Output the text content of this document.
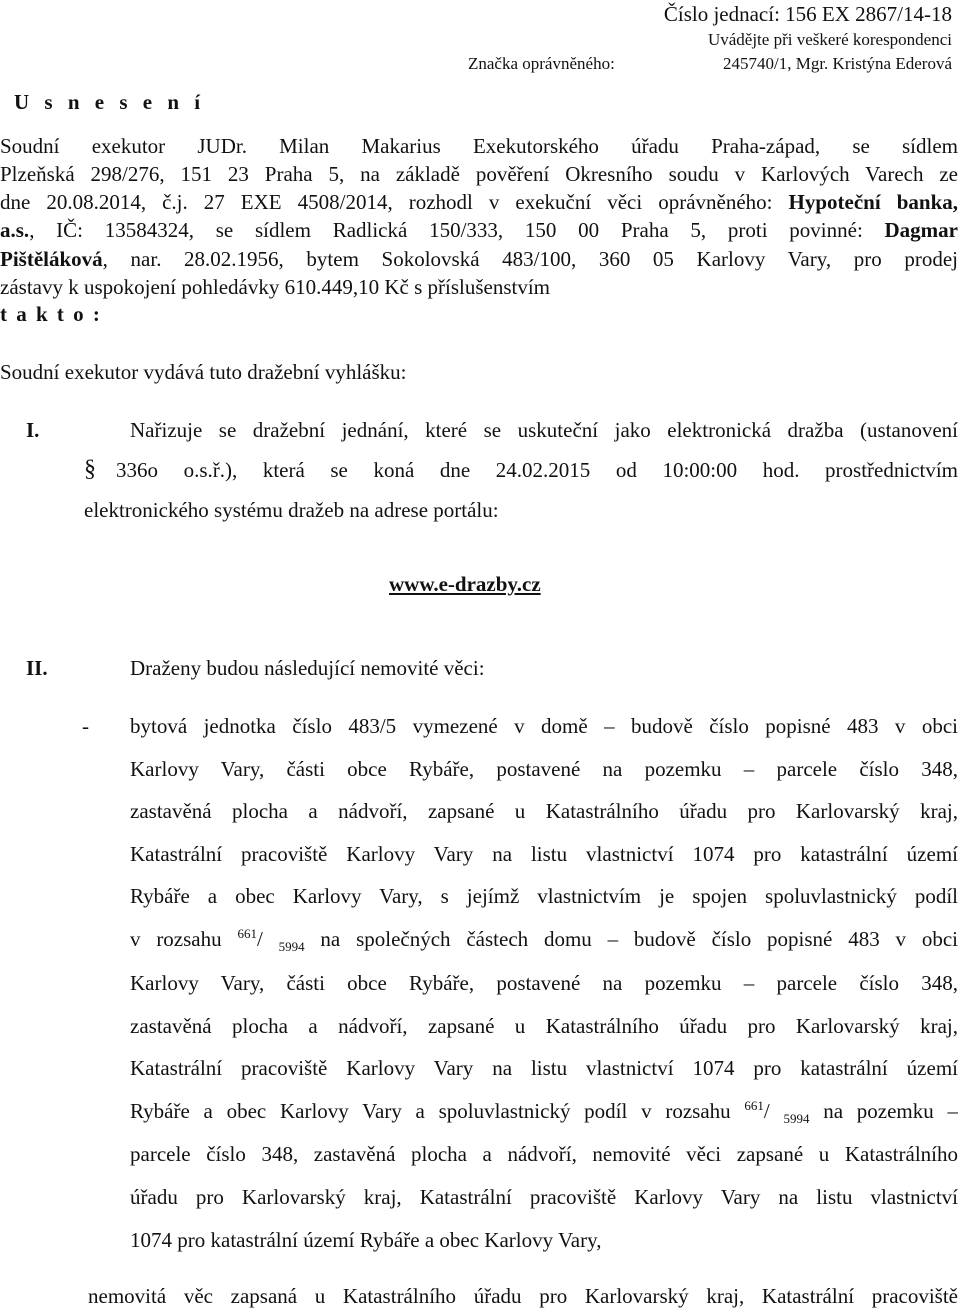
Číslo jednací: 156 EX 2867/14-18
Uvádějte při veškeré korespondenci
Značka oprávněného:	245740/1, Mgr. Kristýna Ederová
U s n e s e n í
Soudní exekutor JUDr. Milan Makarius Exekutorského úřadu Praha-západ, se sídlem
Plzeňská 298/276, 151 23 Praha 5, na základě pověření Okresního soudu v Karlových Varech ze
dne 20.08.2014, č.j. 27 EXE 4508/2014, rozhodl v exekuční věci oprávněného: Hypoteční banka,
a.s., IČ: 13584324, se sídlem Radlická 150/333, 150 00 Praha 5, proti povinné: Dagmar
Pištěláková, nar. 28.02.1956, bytem Sokolovská 483/100, 360 05 Karlovy Vary, pro prodej
zástavy k uspokojení pohledávky 610.449,10 Kč s příslušenstvím
t a k t o :
Soudní exekutor vydává tuto dražební vyhlášku:
I.	Nařizuje se dražební jednání, které se uskuteční jako elektronická dražba (ustanovení
§ 336o o.s.ř.), která se koná dne 24.02.2015 od 10:00:00 hod. prostřednictvím
elektronického systému dražeb na adrese portálu:
www.e-drazby.cz
II.	Draženy budou následující nemovité věci:
- bytová jednotka číslo 483/5 vymezené v domě – budově číslo popisné 483 v obci
Karlovy Vary, části obce Rybáře, postavené na pozemku – parcele číslo 348,
zastavěná plocha a nádvoří, zapsané u Katastrálního úřadu pro Karlovarský kraj,
Katastrální pracoviště Karlovy Vary na listu vlastnictví 1074 pro katastrální území
Rybáře a obec Karlovy Vary, s jejímž vlastnictvím je spojen spoluvlastnický podíl
v rozsahu $^{661}$/ $_{5994}$ na společných částech domu – budově číslo popisné 483 v obci
Karlovy Vary, části obce Rybáře, postavené na pozemku – parcele číslo 348,
zastavěná plocha a nádvoří, zapsané u Katastrálního úřadu pro Karlovarský kraj,
Katastrální pracoviště Karlovy Vary na listu vlastnictví 1074 pro katastrální území
Rybáře a obec Karlovy Vary a spoluvlastnický podíl v rozsahu $^{661}$/ $_{5994}$ na pozemku –
parcele číslo 348, zastavěná plocha a nádvoří, nemovité věci zapsané u Katastrálního
úřadu pro Karlovarský kraj, Katastrální pracoviště Karlovy Vary na listu vlastnictví
1074 pro katastrální území Rybáře a obec Karlovy Vary,
nemovitá věc zapsaná u Katastrálního úřadu pro Karlovarský kraj, Katastrální pracoviště
